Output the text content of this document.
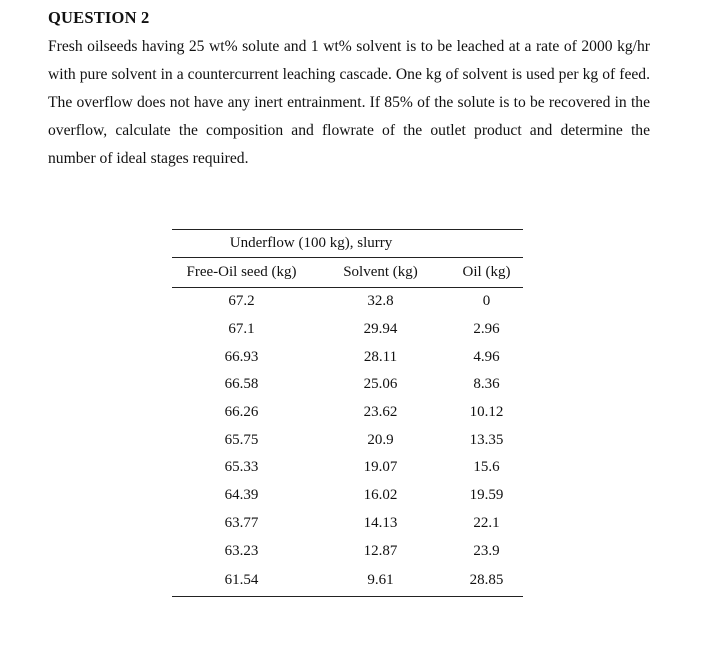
QUESTION 2

Fresh oilseeds having 25 wt% solute and 1 wt% solvent is to be leached at a rate of 2000 kg/hr with pure solvent in a countercurrent leaching cascade. One kg of solvent is used per kg of feed. The overflow does not have any inert entrainment. If 85% of the solute is to be recovered in the overflow, calculate the composition and flowrate of the outlet product and determine the number of ideal stages required.

Underflow (100 kg), slurry		
Free-Oil seed (kg)	Solvent (kg)	Oil (kg)
67.2	32.8	0
67.1	29.94	2.96
66.93	28.11	4.96
66.58	25.06	8.36
66.26	23.62	10.12
65.75	20.9	13.35
65.33	19.07	15.6
64.39	16.02	19.59
63.77	14.13	22.1
63.23	12.87	23.9
61.54	9.61	28.85
